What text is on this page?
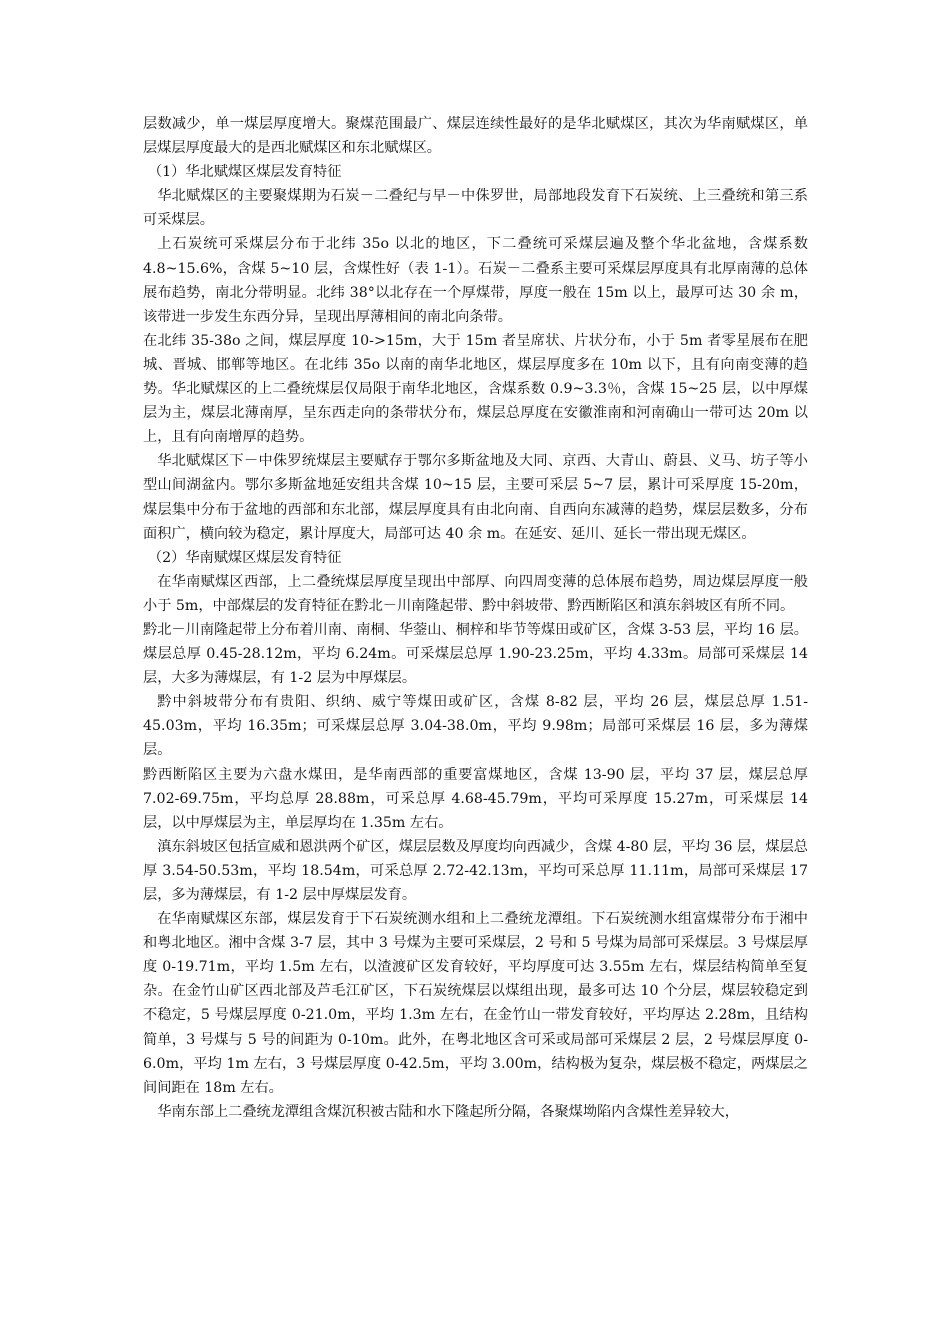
层数减少，单一煤层厚度增大。聚煤范围最广、煤层连续性最好的是华北赋煤区，其次为华南赋煤区，单层煤层厚度最大的是西北赋煤区和东北赋煤区。

（1）华北赋煤区煤层发育特征

华北赋煤区的主要聚煤期为石炭－二叠纪与早－中侏罗世，局部地段发育下石炭统、上三叠统和第三系可采煤层。

上石炭统可采煤层分布于北纬 35o 以北的地区，下二叠统可采煤层遍及整个华北盆地，含煤系数 4.8~15.6%，含煤 5~10 层，含煤性好（表 1-1）。石炭－二叠系主要可采煤层厚度具有北厚南薄的总体展布趋势，南北分带明显。北纬 38°以北存在一个厚煤带，厚度一般在 15m 以上，最厚可达 30 余 m，该带进一步发生东西分异，呈现出厚薄相间的南北向条带。

在北纬 35-38o 之间，煤层厚度 10->15m，大于 15m 者呈席状、片状分布，小于 5m 者零星展布在肥城、晋城、邯郸等地区。在北纬 35o 以南的南华北地区，煤层厚度多在 10m 以下，且有向南变薄的趋势。华北赋煤区的上二叠统煤层仅局限于南华北地区，含煤系数 0.9~3.3％，含煤 15~25 层，以中厚煤层为主，煤层北薄南厚，呈东西走向的条带状分布，煤层总厚度在安徽淮南和河南确山一带可达 20m 以上，且有向南增厚的趋势。

华北赋煤区下－中侏罗统煤层主要赋存于鄂尔多斯盆地及大同、京西、大青山、蔚县、义马、坊子等小型山间湖盆内。鄂尔多斯盆地延安组共含煤 10~15 层，主要可采层 5~7 层，累计可采厚度 15-20m，煤层集中分布于盆地的西部和东北部，煤层厚度具有由北向南、自西向东减薄的趋势，煤层层数多，分布面积广，横向较为稳定，累计厚度大，局部可达 40 余 m。在延安、延川、延长一带出现无煤区。

（2）华南赋煤区煤层发育特征

在华南赋煤区西部，上二叠统煤层厚度呈现出中部厚、向四周变薄的总体展布趋势，周边煤层厚度一般小于 5m，中部煤层的发育特征在黔北－川南隆起带、黔中斜坡带、黔西断陷区和滇东斜坡区有所不同。

黔北－川南隆起带上分布着川南、南桐、华蓥山、桐梓和毕节等煤田或矿区，含煤 3-53 层，平均 16 层。煤层总厚 0.45-28.12m，平均 6.24m。可采煤层总厚 1.90-23.25m，平均 4.33m。局部可采煤层 14 层，大多为薄煤层，有 1-2 层为中厚煤层。

黔中斜坡带分布有贵阳、织纳、威宁等煤田或矿区，含煤 8-82 层，平均 26 层，煤层总厚 1.51-45.03m，平均 16.35m；可采煤层总厚 3.04-38.0m，平均 9.98m；局部可采煤层 16 层，多为薄煤层。

黔西断陷区主要为六盘水煤田，是华南西部的重要富煤地区，含煤 13-90 层，平均 37 层，煤层总厚 7.02-69.75m，平均总厚 28.88m，可采总厚 4.68-45.79m，平均可采厚度 15.27m，可采煤层 14 层，以中厚煤层为主，单层厚均在 1.35m 左右。

滇东斜坡区包括宣威和恩洪两个矿区，煤层层数及厚度均向西减少，含煤 4-80 层，平均 36 层，煤层总厚 3.54-50.53m，平均 18.54m，可采总厚 2.72-42.13m，平均可采总厚 11.11m，局部可采煤层 17 层，多为薄煤层，有 1-2 层中厚煤层发育。

在华南赋煤区东部，煤层发育于下石炭统测水组和上二叠统龙潭组。下石炭统测水组富煤带分布于湘中和粤北地区。湘中含煤 3-7 层，其中 3 号煤为主要可采煤层，2 号和 5 号煤为局部可采煤层。3 号煤层厚度 0-19.71m，平均 1.5m 左右，以渣渡矿区发育较好，平均厚度可达 3.55m 左右，煤层结构简单至复杂。在金竹山矿区西北部及芦毛江矿区，下石炭统煤层以煤组出现，最多可达 10 个分层，煤层较稳定到不稳定，5 号煤层厚度 0-21.0m，平均 1.3m 左右，在金竹山一带发育较好，平均厚达 2.28m，且结构简单，3 号煤与 5 号的间距为 0-10m。此外，在粤北地区含可采或局部可采煤层 2 层，2 号煤层厚度 0-6.0m，平均 1m 左右，3 号煤层厚度 0-42.5m，平均 3.00m，结构极为复杂，煤层极不稳定，两煤层之间间距在 18m 左右。

华南东部上二叠统龙潭组含煤沉积被古陆和水下隆起所分隔，各聚煤坳陷内含煤性差异较大，
